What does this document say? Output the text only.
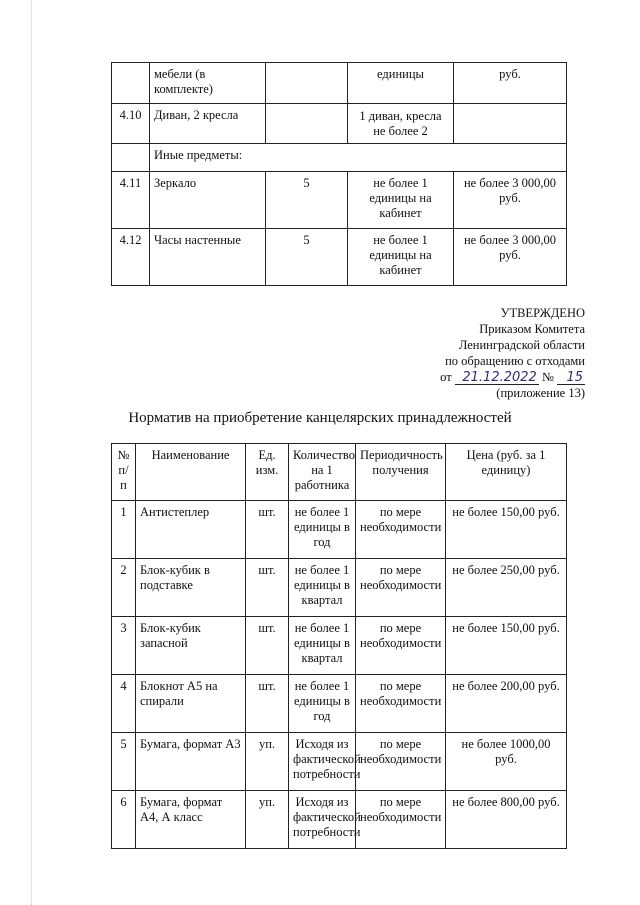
	мебели (в комплекте)		единицы	руб.
4.10	Диван, 2 кресла		1 диван, кресла не более 2	
	Иные предметы:			
4.11	Зеркало	5	не более 1 единицы на кабинет	не более 3 000,00 руб.
4.12	Часы настенные	5	не более 1 единицы на кабинет	не более 3 000,00 руб.
УТВЕРЖДЕНО
Приказом Комитета
Ленинградской области
по обращению с отходами
от 21.12.2022 № 15
(приложение 13)
Норматив на приобретение канцелярских принадлежностей
№ п/п	Наименование	Ед. изм.	Количество на 1 работника	Периодичность получения	Цена (руб. за 1 единицу)
1	Антистеплер	шт.	не более 1 единицы в год	по мере необходимости	не более 150,00 руб.
2	Блок-кубик в подставке	шт.	не более 1 единицы в квартал	по мере необходимости	не более 250,00 руб.
3	Блок-кубик запасной	шт.	не более 1 единицы в квартал	по мере необходимости	не более 150,00 руб.
4	Блокнот А5 на спирали	шт.	не более 1 единицы в год	по мере необходимости	не более 200,00 руб.
5	Бумага, формат А3	уп.	Исходя из фактической потребности	по мере необходимости	не более 1000,00 руб.
6	Бумага, формат А4, А класс	уп.	Исходя из фактической потребности	по мере необходимости	не более 800,00 руб.
